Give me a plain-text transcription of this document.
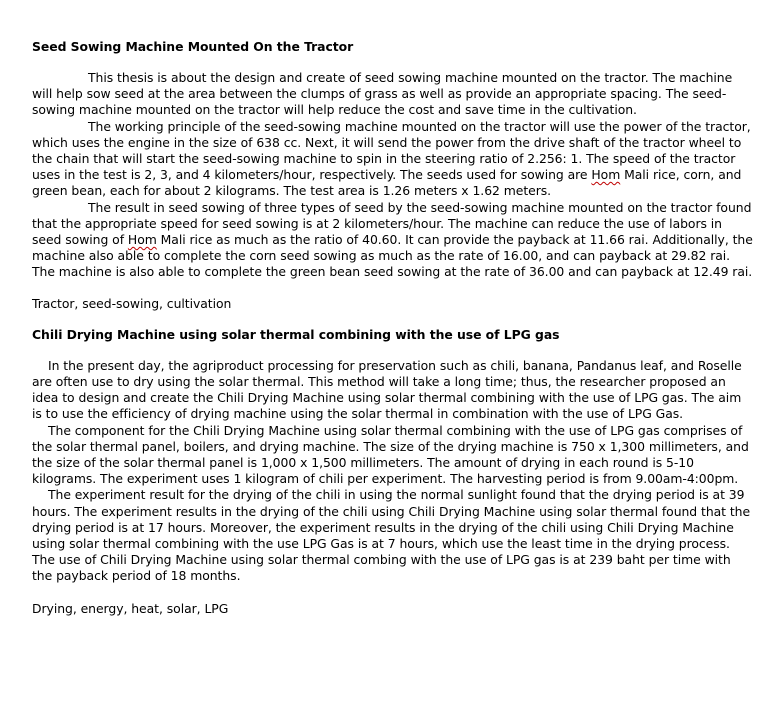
Seed Sowing Machine Mounted On the Tractor

This thesis is about the design and create of seed sowing machine mounted on the tractor. The machine will help sow seed at the area between the clumps of grass as well as provide an appropriate spacing. The seed-sowing machine mounted on the tractor will help reduce the cost and save time in the cultivation.

The working principle of the seed-sowing machine mounted on the tractor will use the power of the tractor, which uses the engine in the size of 638 cc. Next, it will send the power from the drive shaft of the tractor wheel to the chain that will start the seed-sowing machine to spin in the steering ratio of 2.256: 1. The speed of the tractor uses in the test is 2, 3, and 4 kilometers/hour, respectively. The seeds used for sowing are Hom Mali rice, corn, and green bean, each for about 2 kilograms. The test area is 1.26 meters x 1.62 meters.

The result in seed sowing of three types of seed by the seed-sowing machine mounted on the tractor found that the appropriate speed for seed sowing is at 2 kilometers/hour. The machine can reduce the use of labors in seed sowing of Hom Mali rice as much as the ratio of 40.60. It can provide the payback at 11.66 rai. Additionally, the machine also able to complete the corn seed sowing as much as the rate of 16.00, and can payback at 29.82 rai. The machine is also able to complete the green bean seed sowing at the rate of 36.00 and can payback at 12.49 rai.

Tractor, seed-sowing, cultivation

Chili Drying Machine using solar thermal combining with the use of LPG gas

In the present day, the agriproduct processing for preservation such as chili, banana, Pandanus leaf, and Roselle are often use to dry using the solar thermal. This method will take a long time; thus, the researcher proposed an idea to design and create the Chili Drying Machine using solar thermal combining with the use of LPG gas. The aim is to use the efficiency of drying machine using the solar thermal in combination with the use of LPG Gas.

The component for the Chili Drying Machine using solar thermal combining with the use of LPG gas comprises of the solar thermal panel, boilers, and drying machine. The size of the drying machine is 750 x 1,300 millimeters, and the size of the solar thermal panel is 1,000 x 1,500 millimeters. The amount of drying in each round is 5-10 kilograms. The experiment uses 1 kilogram of chili per experiment. The harvesting period is from 9.00am-4:00pm.

The experiment result for the drying of the chili in using the normal sunlight found that the drying period is at 39 hours. The experiment results in the drying of the chili using Chili Drying Machine using solar thermal found that the drying period is at 17 hours. Moreover, the experiment results in the drying of the chili using Chili Drying Machine using solar thermal combining with the use LPG Gas is at 7 hours, which use the least time in the drying process. The use of Chili Drying Machine using solar thermal combing with the use of LPG gas is at 239 baht per time with the payback period of 18 months.

Drying, energy, heat, solar, LPG
